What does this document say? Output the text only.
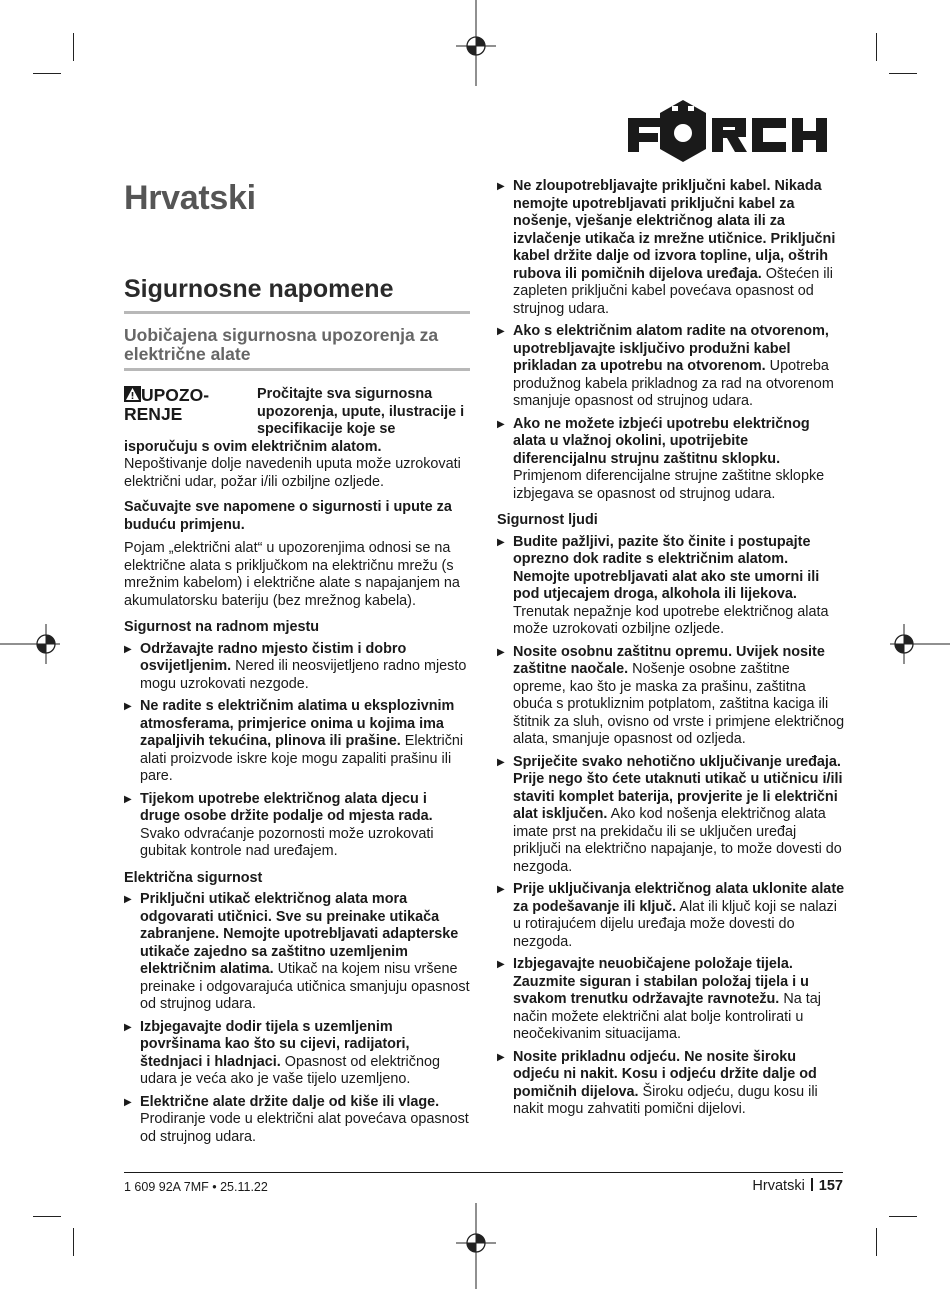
Hrvatski
Sigurnosne napomene
Uobičajena sigurnosna upozorenja za električne alate
UPOZO-
RENJE

Pročitajte sva sigurnosna upozorenja, upute, ilustracije i specifikacije koje se

isporučuju s ovim električnim alatom.

Nepoštivanje dolje navedenih uputa može uzrokovati električni udar, požar i/ili ozbiljne ozljede.

Sačuvajte sve napomene o sigurnosti i upute za buduću primjenu.

Pojam „električni alat“ u upozorenjima odnosi se na električne alata s priključkom na električnu mrežu (s mrežnim kabelom) i električne alate s napajanjem na akumulatorsku bateriju (bez mrežnog kabela).

Sigurnost na radnom mjestu
▶ Održavajte radno mjesto čistim i dobro osvijetljenim. Nered ili neosvijetljeno radno mjesto mogu uzrokovati nezgode.
▶ Ne radite s električnim alatima u eksplozivnim atmosferama, primjerice onima u kojima ima zapaljivih tekućina, plinova ili prašine. Električni alati proizvode iskre koje mogu zapaliti prašinu ili pare.
▶ Tijekom upotrebe električnog alata djecu i druge osobe držite podalje od mjesta rada. Svako odvraćanje pozornosti može uzrokovati gubitak kontrole nad uređajem.
Električna sigurnost
▶ Priključni utikač električnog alata mora odgovarati utičnici. Sve su preinake utikača zabranjene. Nemojte upotrebljavati adapterske utikače zajedno sa zaštitno uzemljenim električnim alatima. Utikač na kojem nisu vršene preinake i odgovarajuća utičnica smanjuju opasnost od strujnog udara.
▶ Izbjegavajte dodir tijela s uzemljenim površinama kao što su cijevi, radijatori, štednjaci i hladnjaci. Opasnost od električnog udara je veća ako je vaše tijelo uzemljeno.
▶ Električne alate držite dalje od kiše ili vlage. Prodiranje vode u električni alat povećava opasnost od strujnog udara.
▶ Ne zloupotrebljavajte priključni kabel. Nikada nemojte upotrebljavati priključni kabel za nošenje, vješanje električnog alata ili za izvlačenje utikača iz mrežne utičnice. Priključni kabel držite dalje od izvora topline, ulja, oštrih rubova ili pomičnih dijelova uređaja. Oštećen ili zapleten priključni kabel povećava opasnost od strujnog udara.
▶ Ako s električnim alatom radite na otvorenom, upotrebljavajte isključivo produžni kabel prikladan za upotrebu na otvorenom. Upotreba produžnog kabela prikladnog za rad na otvorenom smanjuje opasnost od strujnog udara.
▶ Ako ne možete izbjeći upotrebu električnog alata u vlažnoj okolini, upotrijebite diferencijalnu strujnu zaštitnu sklopku. Primjenom diferencijalne strujne zaštitne sklopke izbjegava se opasnost od strujnog udara.
Sigurnost ljudi
▶ Budite pažljivi, pazite što činite i postupajte oprezno dok radite s električnim alatom. Nemojte upotrebljavati alat ako ste umorni ili pod utjecajem droga, alkohola ili lijekova. Trenutak nepažnje kod upotrebe električnog alata može uzrokovati ozbiljne ozljede.
▶ Nosite osobnu zaštitnu opremu. Uvijek nosite zaštitne naočale. Nošenje osobne zaštitne opreme, kao što je maska za prašinu, zaštitna obuća s protukliznim potplatom, zaštitna kaciga ili štitnik za sluh, ovisno od vrste i primjene električnog alata, smanjuje opasnost od ozljeda.
▶ Spriječite svako nehotično uključivanje uređaja. Prije nego što ćete utaknuti utikač u utičnicu i/ili staviti komplet baterija, provjerite je li električni alat isključen. Ako kod nošenja električnog alata imate prst na prekidaču ili se uključen uređaj priključi na električno napajanje, to može dovesti do nezgoda.
▶ Prije uključivanja električnog alata uklonite alate za podešavanje ili ključ. Alat ili ključ koji se nalazi u rotirajućem dijelu uređaja može dovesti do nezgoda.
▶ Izbjegavajte neuobičajene položaje tijela. Zauzmite siguran i stabilan položaj tijela i u svakom trenutku održavajte ravnotežu. Na taj način možete električni alat bolje kontrolirati u neočekivanim situacijama.
▶ Nosite prikladnu odjeću. Ne nosite široku odjeću ni nakit. Kosu i odjeću držite dalje od pomičnih dijelova. Široku odjeću, dugu kosu ili nakit mogu zahvatiti pomični dijelovi.
1 609 92A 7MF • 25.11.22	Hrvatski 157
